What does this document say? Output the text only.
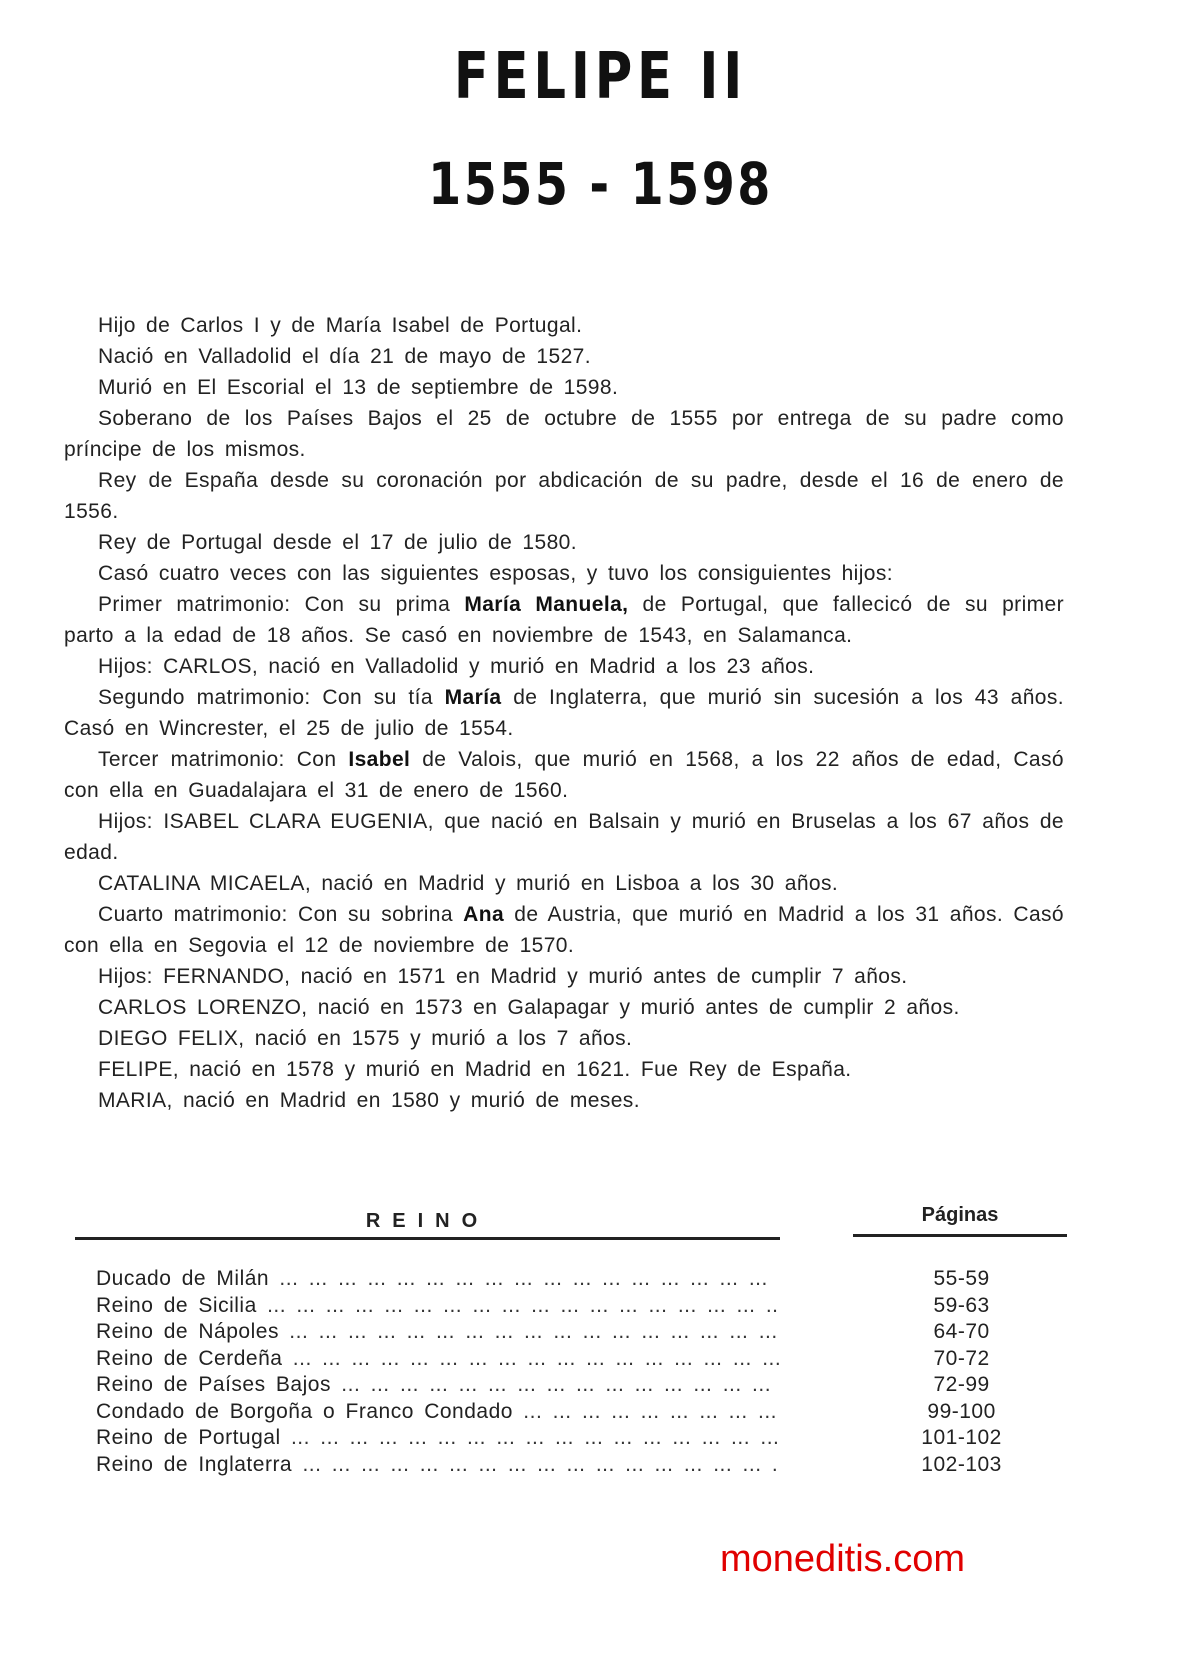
FELIPE II
1555 - 1598

Hijo de Carlos I y de María Isabel de Portugal.

Nació en Valladolid el día 21 de mayo de 1527.

Murió en El Escorial el 13 de septiembre de 1598.

Soberano de los Países Bajos el 25 de octubre de 1555 por entrega de su padre como príncipe de los mismos.

Rey de España desde su coronación por abdicación de su padre, desde el 16 de enero de 1556.

Rey de Portugal desde el 17 de julio de 1580.

Casó cuatro veces con las siguientes esposas, y tuvo los consiguientes hijos:

Primer matrimonio: Con su prima María Manuela, de Portugal, que fallecicó de su primer parto a la edad de 18 años. Se casó en noviembre de 1543, en Salamanca.

Hijos: CARLOS, nació en Valladolid y murió en Madrid a los 23 años.

Segundo matrimonio: Con su tía María de Inglaterra, que murió sin sucesión a los 43 años. Casó en Wincrester, el 25 de julio de 1554.

Tercer matrimonio: Con Isabel de Valois, que murió en 1568, a los 22 años de edad, Casó con ella en Guadalajara el 31 de enero de 1560.

Hijos: ISABEL CLARA EUGENIA, que nació en Balsain y murió en Bruselas a los 67 años de edad.

CATALINA MICAELA, nació en Madrid y murió en Lisboa a los 30 años.

Cuarto matrimonio: Con su sobrina Ana de Austria, que murió en Madrid a los 31 años. Casó con ella en Segovia el 12 de noviembre de 1570.

Hijos: FERNANDO, nació en 1571 en Madrid y murió antes de cumplir 7 años.

CARLOS LORENZO, nació en 1573 en Galapagar y murió antes de cumplir 2 años.

DIEGO FELIX, nació en 1575 y murió a los 7 años.

FELIPE, nació en 1578 y murió en Madrid en 1621. Fue Rey de España.

MARIA, nació en Madrid en 1580 y murió de meses.

REINO	Páginas
Ducado de Milán ... .	55-59
Reino de Sicilia ... .	59-63
Reino de Nápoles ... .	64-70
Reino de Cerdeña ... .	70-72
Reino de Países Bajos ... .	72-99
Condado de Borgoña o Franco Condado ... .	99-100
Reino de Portugal ... .	101-102
Reino de Inglaterra ... .	102-103
moneditis.com
